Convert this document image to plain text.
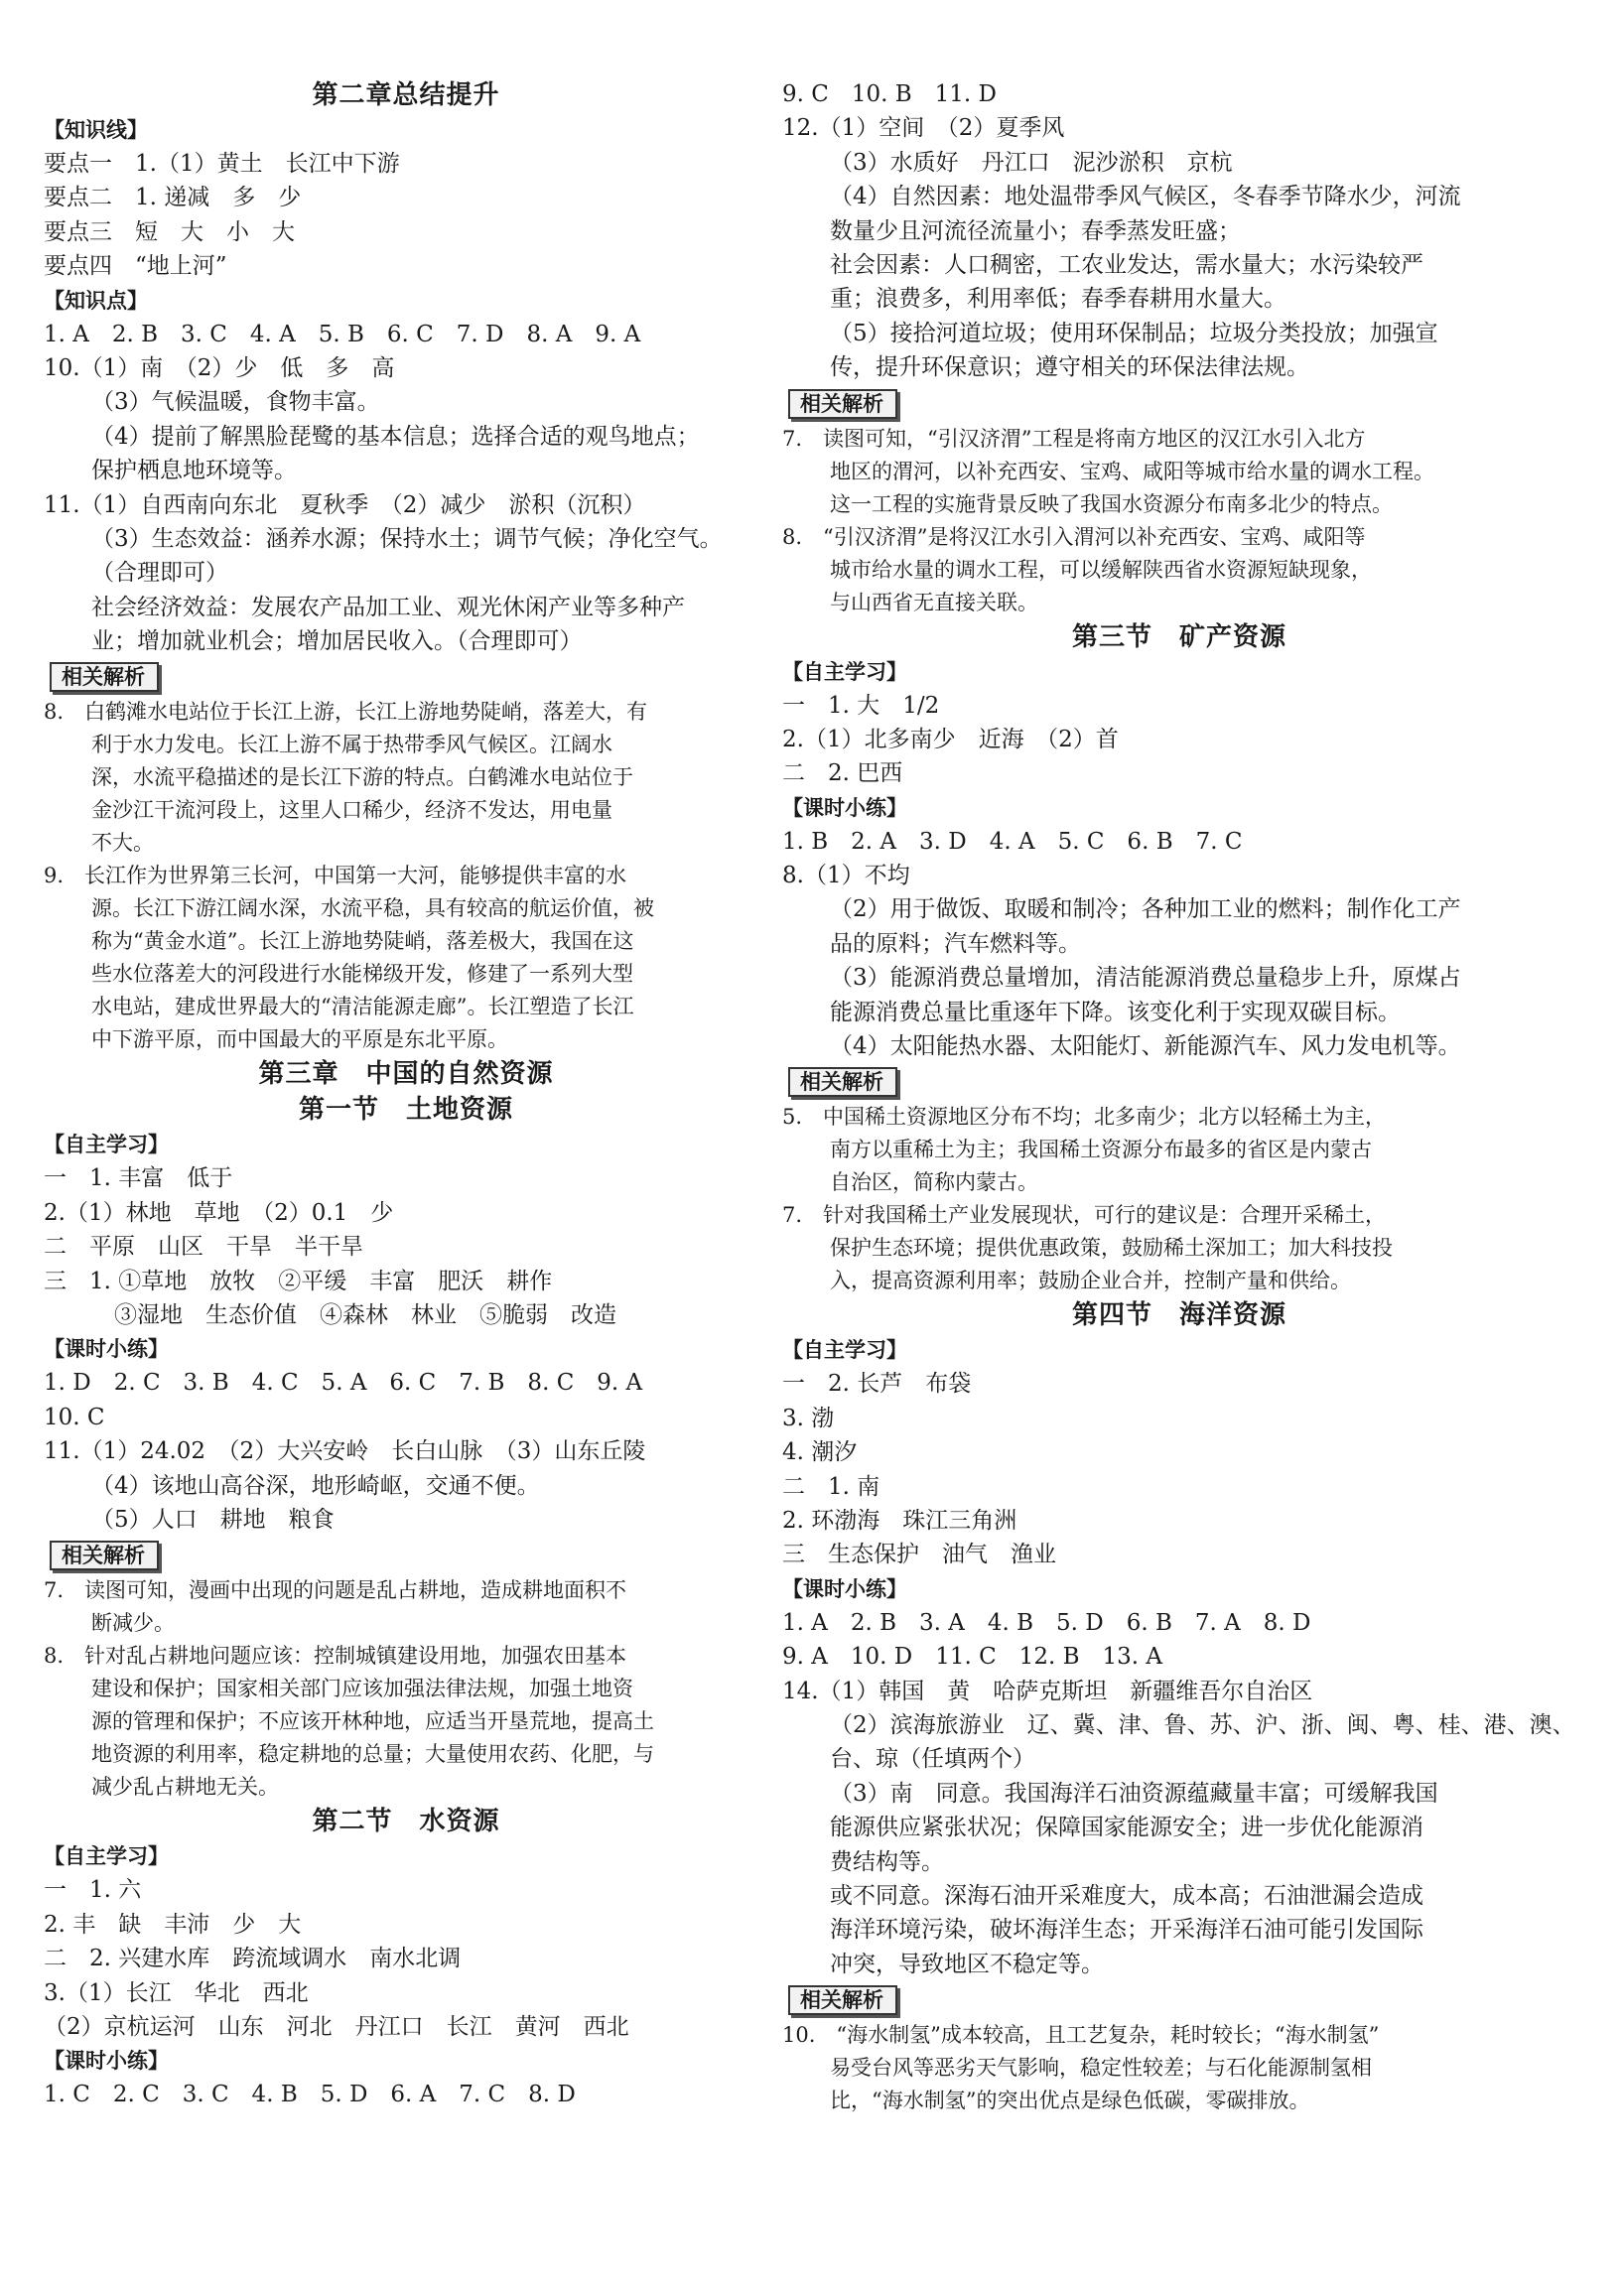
第二章总结提升
【知识线】
要点一　1.（1）黄土　长江中下游
要点二　1. 递减　多　少
要点三　短　大　小　大
要点四　“地上河”
【知识点】
1. A　2. B　3. C　4. A　5. B　6. C　7. D　8. A　9. A
10.（1）南　（2）少　低　多　高
（3）气候温暖，食物丰富。
（4）提前了解黑脸琵鹭的基本信息；选择合适的观鸟地点；
保护栖息地环境等。
11.（1）自西南向东北　夏秋季　（2）减少　淤积（沉积）
（3）生态效益：涵养水源；保持水土；调节气候；净化空气。
（合理即可）
社会经济效益：发展农产品加工业、观光休闲产业等多种产
业；增加就业机会；增加居民收入。（合理即可）
相关解析
8.　白鹤滩水电站位于长江上游，长江上游地势陡峭，落差大，有
利于水力发电。长江上游不属于热带季风气候区。江阔水
深，水流平稳描述的是长江下游的特点。白鹤滩水电站位于
金沙江干流河段上，这里人口稀少，经济不发达，用电量
不大。
9.　长江作为世界第三长河，中国第一大河，能够提供丰富的水
源。长江下游江阔水深，水流平稳，具有较高的航运价值，被
称为“黄金水道”。长江上游地势陡峭，落差极大，我国在这
些水位落差大的河段进行水能梯级开发，修建了一系列大型
水电站，建成世界最大的“清洁能源走廊”。长江塑造了长江
中下游平原，而中国最大的平原是东北平原。
第三章　中国的自然资源
第一节　土地资源
【自主学习】
一　1. 丰富　低于
2.（1）林地　草地　（2）0.1　少
二　平原　山区　干旱　半干旱
三　1. ①草地　放牧　②平缓　丰富　肥沃　耕作
　③湿地　生态价值　④森林　林业　⑤脆弱　改造
【课时小练】
1. D　2. C　3. B　4. C　5. A　6. C　7. B　8. C　9. A
10. C
11.（1）24.02　（2）大兴安岭　长白山脉　（3）山东丘陵
（4）该地山高谷深，地形崎岖，交通不便。
（5）人口　耕地　粮食
相关解析
7.　读图可知，漫画中出现的问题是乱占耕地，造成耕地面积不
断减少。
8.　针对乱占耕地问题应该：控制城镇建设用地，加强农田基本
建设和保护；国家相关部门应该加强法律法规，加强土地资
源的管理和保护；不应该开林种地，应适当开垦荒地，提高土
地资源的利用率，稳定耕地的总量；大量使用农药、化肥，与
减少乱占耕地无关。
第二节　水资源
【自主学习】
一　1. 六
2. 丰　缺　丰沛　少　大
二　2. 兴建水库　跨流域调水　南水北调
3.（1）长江　华北　西北
（2）京杭运河　山东　河北　丹江口　长江　黄河　西北
【课时小练】
1. C　2. C　3. C　4. B　5. D　6. A　7. C　8. D
9. C　10. B　11. D
12.（1）空间　（2）夏季风
（3）水质好　丹江口　泥沙淤积　京杭
（4）自然因素：地处温带季风气候区，冬春季节降水少，河流
数量少且河流径流量小；春季蒸发旺盛；
社会因素：人口稠密，工农业发达，需水量大；水污染较严
重；浪费多，利用率低；春季春耕用水量大。
（5）接拾河道垃圾；使用环保制品；垃圾分类投放；加强宣
传，提升环保意识；遵守相关的环保法律法规。
相关解析
7.　读图可知，“引汉济渭”工程是将南方地区的汉江水引入北方
地区的渭河，以补充西安、宝鸡、咸阳等城市给水量的调水工程。
这一工程的实施背景反映了我国水资源分布南多北少的特点。
8.　“引汉济渭”是将汉江水引入渭河以补充西安、宝鸡、咸阳等
城市给水量的调水工程，可以缓解陕西省水资源短缺现象，
与山西省无直接关联。
第三节　矿产资源
【自主学习】
一　1. 大　1/2
2.（1）北多南少　近海　（2）首
二　2. 巴西
【课时小练】
1. B　2. A　3. D　4. A　5. C　6. B　7. C
8.（1）不均
（2）用于做饭、取暖和制冷；各种加工业的燃料；制作化工产
品的原料；汽车燃料等。
（3）能源消费总量增加，清洁能源消费总量稳步上升，原煤占
能源消费总量比重逐年下降。该变化利于实现双碳目标。
（4）太阳能热水器、太阳能灯、新能源汽车、风力发电机等。
相关解析
5.　中国稀土资源地区分布不均；北多南少；北方以轻稀土为主，
南方以重稀土为主；我国稀土资源分布最多的省区是内蒙古
自治区，简称内蒙古。
7.　针对我国稀土产业发展现状，可行的建议是：合理开采稀土，
保护生态环境；提供优惠政策，鼓励稀土深加工；加大科技投
入，提高资源利用率；鼓励企业合并，控制产量和供给。
第四节　海洋资源
【自主学习】
一　2. 长芦　布袋
3. 渤
4. 潮汐
二　1. 南
2. 环渤海　珠江三角洲
三　生态保护　油气　渔业
【课时小练】
1. A　2. B　3. A　4. B　5. D　6. B　7. A　8. D
9. A　10. D　11. C　12. B　13. A
14.（1）韩国　黄　哈萨克斯坦　新疆维吾尔自治区
（2）滨海旅游业　辽、冀、津、鲁、苏、沪、浙、闽、粤、桂、港、澳、
台、琼（任填两个）
（3）南　同意。我国海洋石油资源蕴藏量丰富；可缓解我国
能源供应紧张状况；保障国家能源安全；进一步优化能源消
费结构等。
或不同意。深海石油开采难度大，成本高；石油泄漏会造成
海洋环境污染，破坏海洋生态；开采海洋石油可能引发国际
冲突，导致地区不稳定等。
相关解析
10.　“海水制氢”成本较高，且工艺复杂，耗时较长；“海水制氢”
易受台风等恶劣天气影响，稳定性较差；与石化能源制氢相
比，“海水制氢”的突出优点是绿色低碳，零碳排放。
